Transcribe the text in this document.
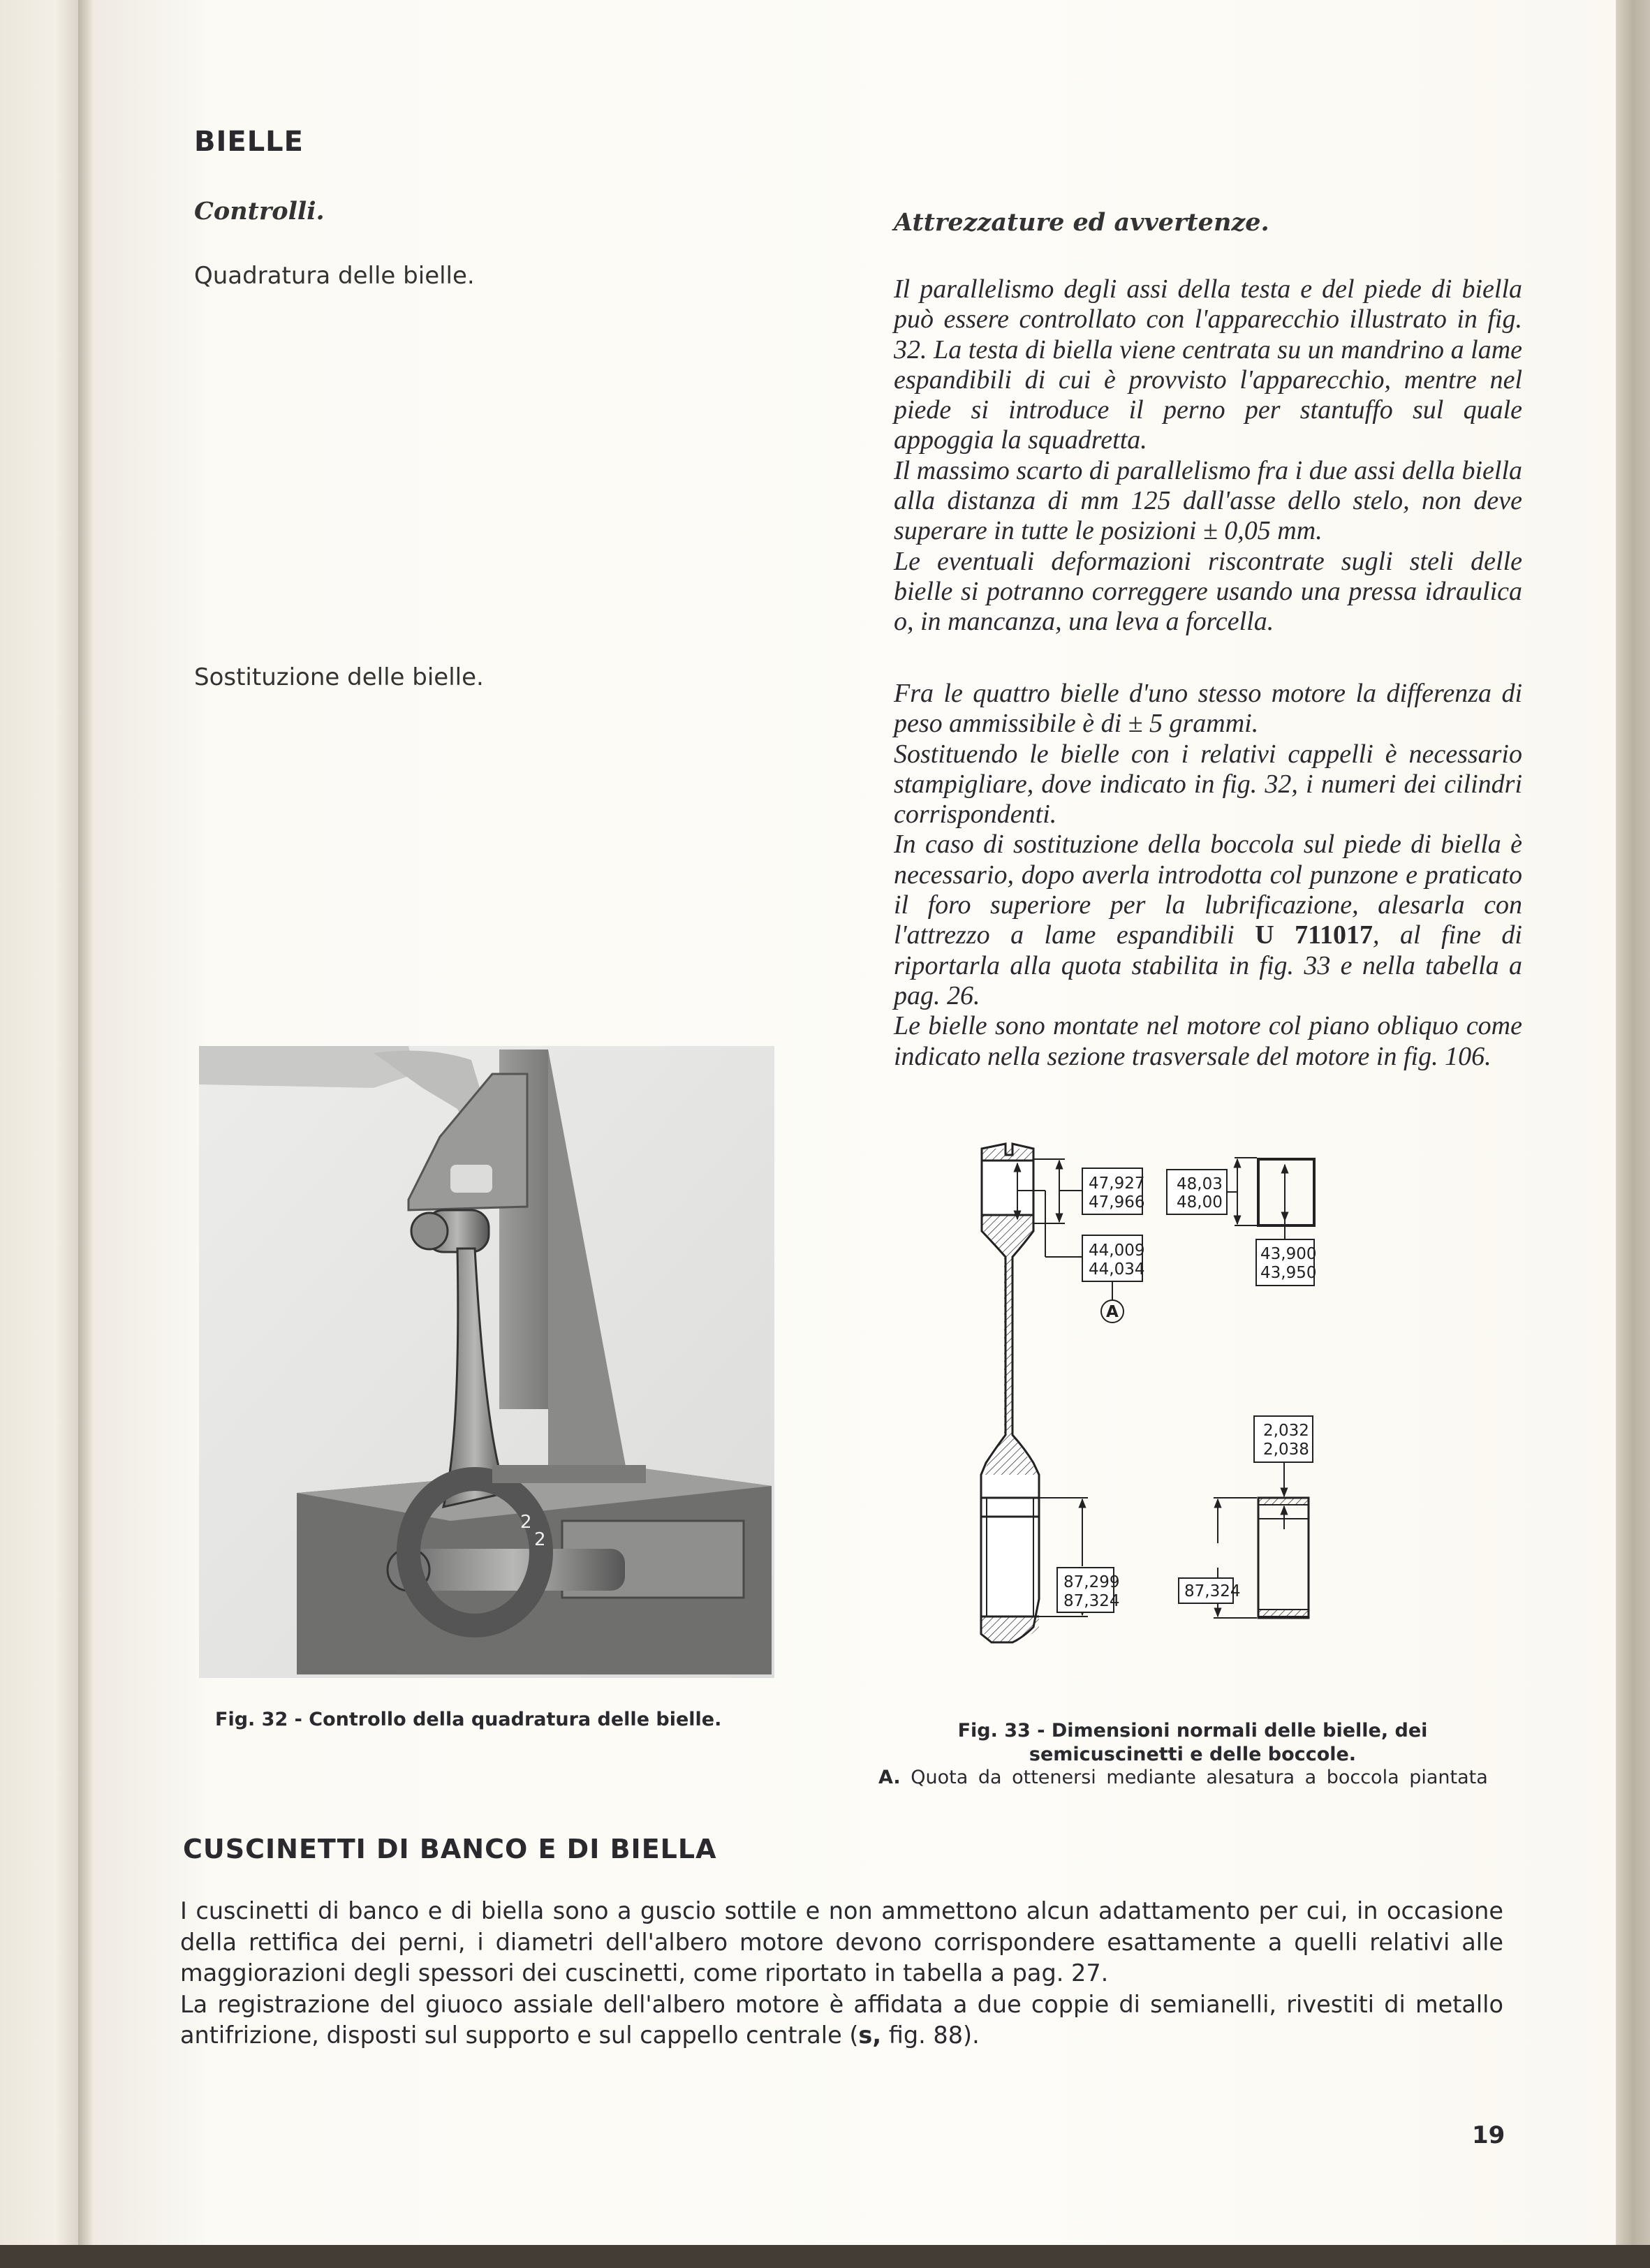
BIELLE
Controlli.	Attrezzature ed avvertenze.
Quadratura delle bielle.
Sostituzione delle bielle.

Il parallelismo degli assi della testa e del piede di biella può essere controllato con l'apparecchio illustrato in fig. 32. La testa di biella viene centrata su un mandrino a lame espandibili di cui è provvisto l'apparecchio, mentre nel piede si introduce il perno per stantuffo sul quale appoggia la squadretta.

Il massimo scarto di parallelismo fra i due assi della biella alla distanza di mm 125 dall'asse dello stelo, non deve superare in tutte le posizioni ± 0,05 mm.

Le eventuali deformazioni riscontrate sugli steli delle bielle si potranno correggere usando una pressa idraulica o, in mancanza, una leva a forcella.

Fra le quattro bielle d'uno stesso motore la differenza di peso ammissibile è di ± 5 grammi.

Sostituendo le bielle con i relativi cappelli è necessario stampigliare, dove indicato in fig. 32, i numeri dei cilindri corrispondenti.

In caso di sostituzione della boccola sul piede di biella è necessario, dopo averla introdotta col punzone e praticato il foro superiore per la lubrificazione, alesarla con l'attrezzo a lame espandibili U 711017, al fine di riportarla alla quota stabilita in fig. 33 e nella tabella a pag. 26.

Le bielle sono montate nel motore col piano obliquo come indicato nella sezione trasversale del motore in fig. 106.

2
2
Fig. 32 - Controllo della quadratura delle bielle.
47,927
47,966
44,009
44,034
A
48,03
48,00
43,900
43,950
87,299
87,324
2,032
2,038
87,324
Fig. 33 - Dimensioni normali delle bielle, dei semicuscinetti e delle boccole.
A. Quota da ottenersi mediante alesatura a boccola piantata
CUSCINETTI DI BANCO E DI BIELLA

I cuscinetti di banco e di biella sono a guscio sottile e non ammettono alcun adattamento per cui, in occasione della rettifica dei perni, i diametri dell'albero motore devono corrispondere esattamente a quelli relativi alle maggiorazioni degli spessori dei cuscinetti, come riportato in tabella a pag. 27.

La registrazione del giuoco assiale dell'albero motore è affidata a due coppie di semianelli, rivestiti di metallo antifrizione, disposti sul supporto e sul cappello centrale (s, fig. 88).

19
